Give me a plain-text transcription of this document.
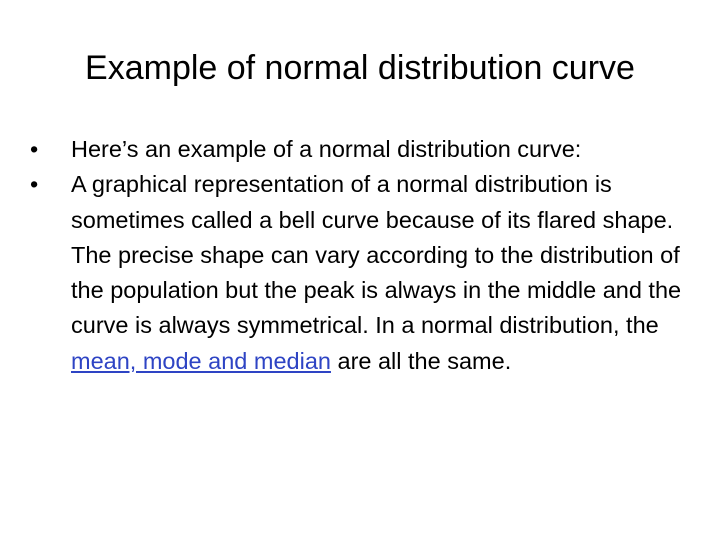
Example of normal distribution curve
•	Here’s an example of a normal distribution curve:
•	A graphical representation of a normal distribution is sometimes called a bell curve because of its flared shape. The precise shape can vary according to the distribution of the population but the peak is always in the middle and the curve is always symmetrical. In a normal distribution, the mean, mode and median are all the same.
